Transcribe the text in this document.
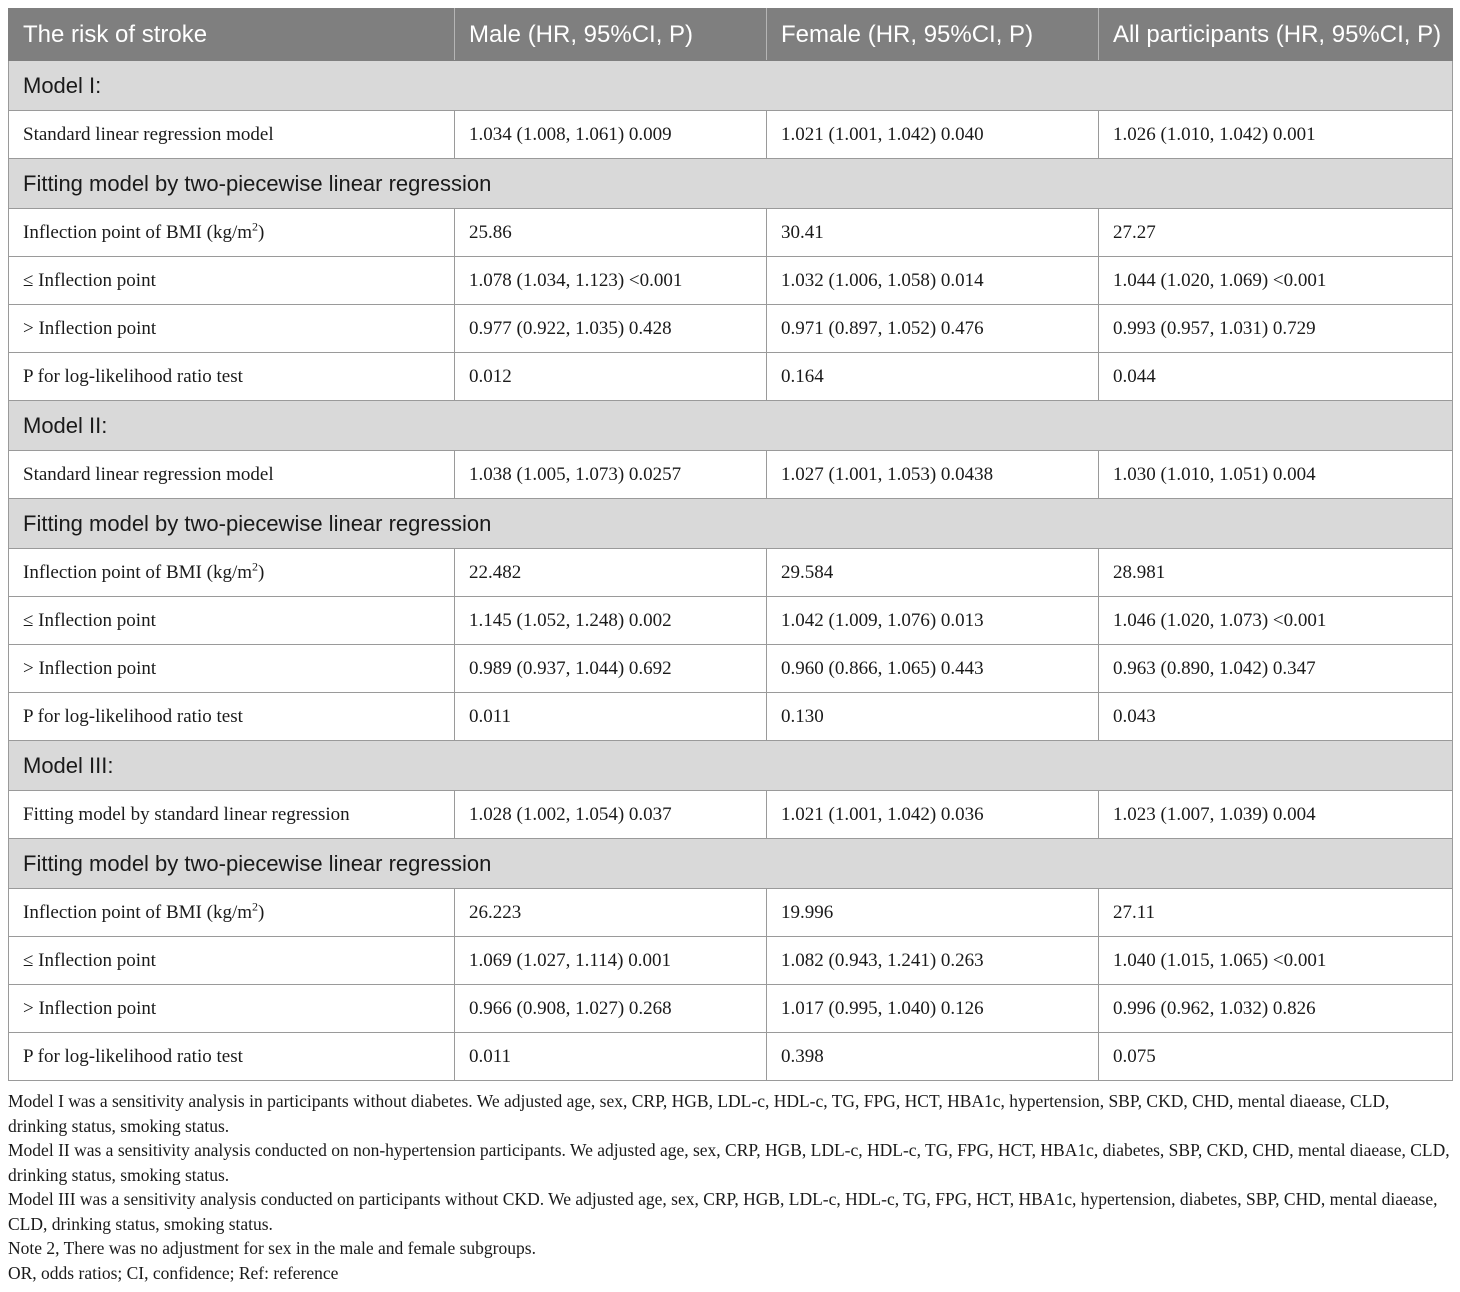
The risk of stroke	Male (HR, 95%CI, P)	Female (HR, 95%CI, P)	All participants (HR, 95%CI, P)
Model I:			
Standard linear regression model	1.034 (1.008, 1.061) 0.009	1.021 (1.001, 1.042) 0.040	1.026 (1.010, 1.042) 0.001
Fitting model by two-piecewise linear regression			
Inflection point of BMI $(kg/m^2)$	25.86	30.41	27.27
≤ Inflection point	1.078 (1.034, 1.123) <0.001	1.032 (1.006, 1.058) 0.014	1.044 (1.020, 1.069) <0.001
> Inflection point	0.977 (0.922, 1.035) 0.428	0.971 (0.897, 1.052) 0.476	0.993 (0.957, 1.031) 0.729
P for log-likelihood ratio test	0.012	0.164	0.044
Model II:			
Standard linear regression model	1.038 (1.005, 1.073) 0.0257	1.027 (1.001, 1.053) 0.0438	1.030 (1.010, 1.051) 0.004
Fitting model by two-piecewise linear regression			
Inflection point of BMI $(kg/m^2)$	22.482	29.584	28.981
≤ Inflection point	1.145 (1.052, 1.248) 0.002	1.042 (1.009, 1.076) 0.013	1.046 (1.020, 1.073) <0.001
> Inflection point	0.989 (0.937, 1.044) 0.692	0.960 (0.866, 1.065) 0.443	0.963 (0.890, 1.042) 0.347
P for log-likelihood ratio test	0.011	0.130	0.043
Model III:			
Fitting model by standard linear regression	1.028 (1.002, 1.054) 0.037	1.021 (1.001, 1.042) 0.036	1.023 (1.007, 1.039) 0.004
Fitting model by two-piecewise linear regression			
Inflection point of BMI $(kg/m^2)$	26.223	19.996	27.11
≤ Inflection point	1.069 (1.027, 1.114) 0.001	1.082 (0.943, 1.241) 0.263	1.040 (1.015, 1.065) <0.001
> Inflection point	0.966 (0.908, 1.027) 0.268	1.017 (0.995, 1.040) 0.126	0.996 (0.962, 1.032) 0.826
P for log-likelihood ratio test	0.011	0.398	0.075

Model I was a sensitivity analysis in participants without diabetes. We adjusted age, sex, CRP, HGB, LDL-c, HDL-c, TG, FPG, HCT, HBA1c, hypertension, SBP, CKD, CHD, mental diaease, CLD, drinking status, smoking status.

Model II was a sensitivity analysis conducted on non-hypertension participants. We adjusted age, sex, CRP, HGB, LDL-c, HDL-c, TG, FPG, HCT, HBA1c, diabetes, SBP, CKD, CHD, mental diaease, CLD, drinking status, smoking status.

Model III was a sensitivity analysis conducted on participants without CKD. We adjusted age, sex, CRP, HGB, LDL-c, HDL-c, TG, FPG, HCT, HBA1c, hypertension, diabetes, SBP, CHD, mental diaease, CLD, drinking status, smoking status.

Note 2, There was no adjustment for sex in the male and female subgroups.

OR, odds ratios; CI, confidence; Ref: reference
